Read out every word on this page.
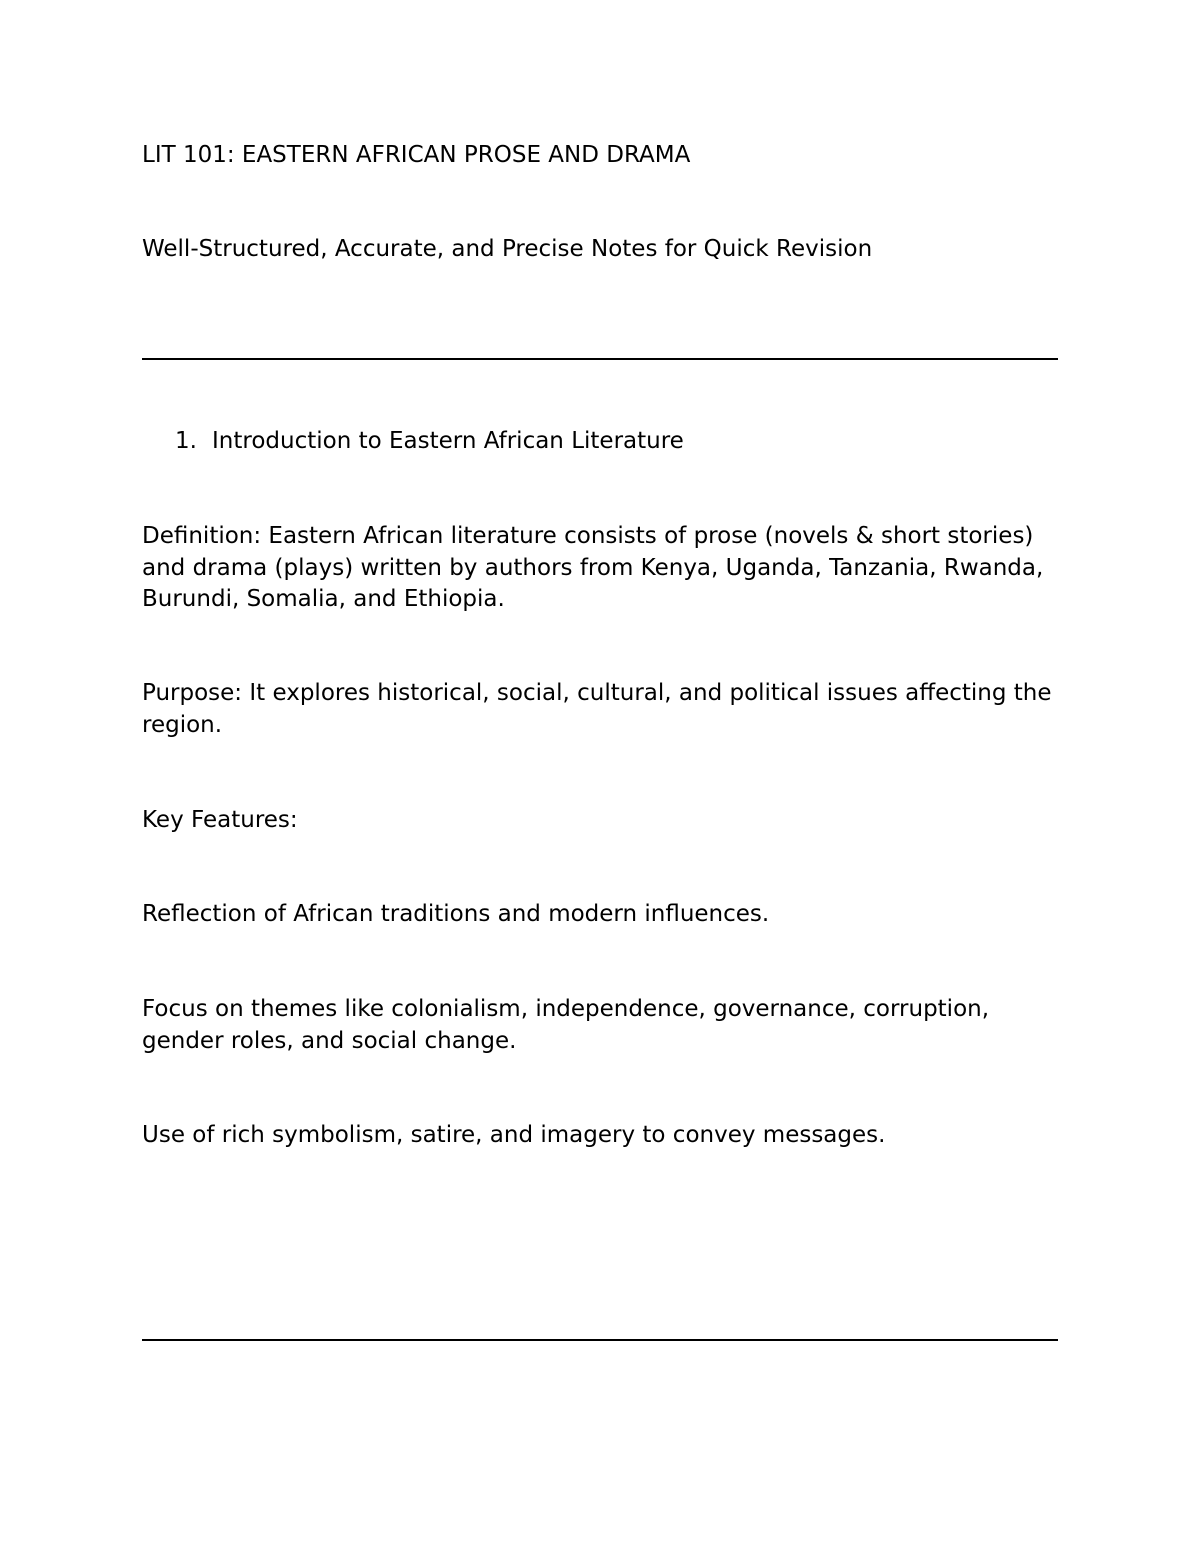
LIT 101: EASTERN AFRICAN PROSE AND DRAMA
Well-Structured, Accurate, and Precise Notes for Quick Revision
1. Introduction to Eastern African Literature
Definition: Eastern African literature consists of prose (novels & short stories) and drama (plays) written by authors from Kenya, Uganda, Tanzania, Rwanda, Burundi, Somalia, and Ethiopia.
Purpose: It explores historical, social, cultural, and political issues affecting the region.
Key Features:
Reflection of African traditions and modern influences.
Focus on themes like colonialism, independence, governance, corruption, gender roles, and social change.
Use of rich symbolism, satire, and imagery to convey messages.
